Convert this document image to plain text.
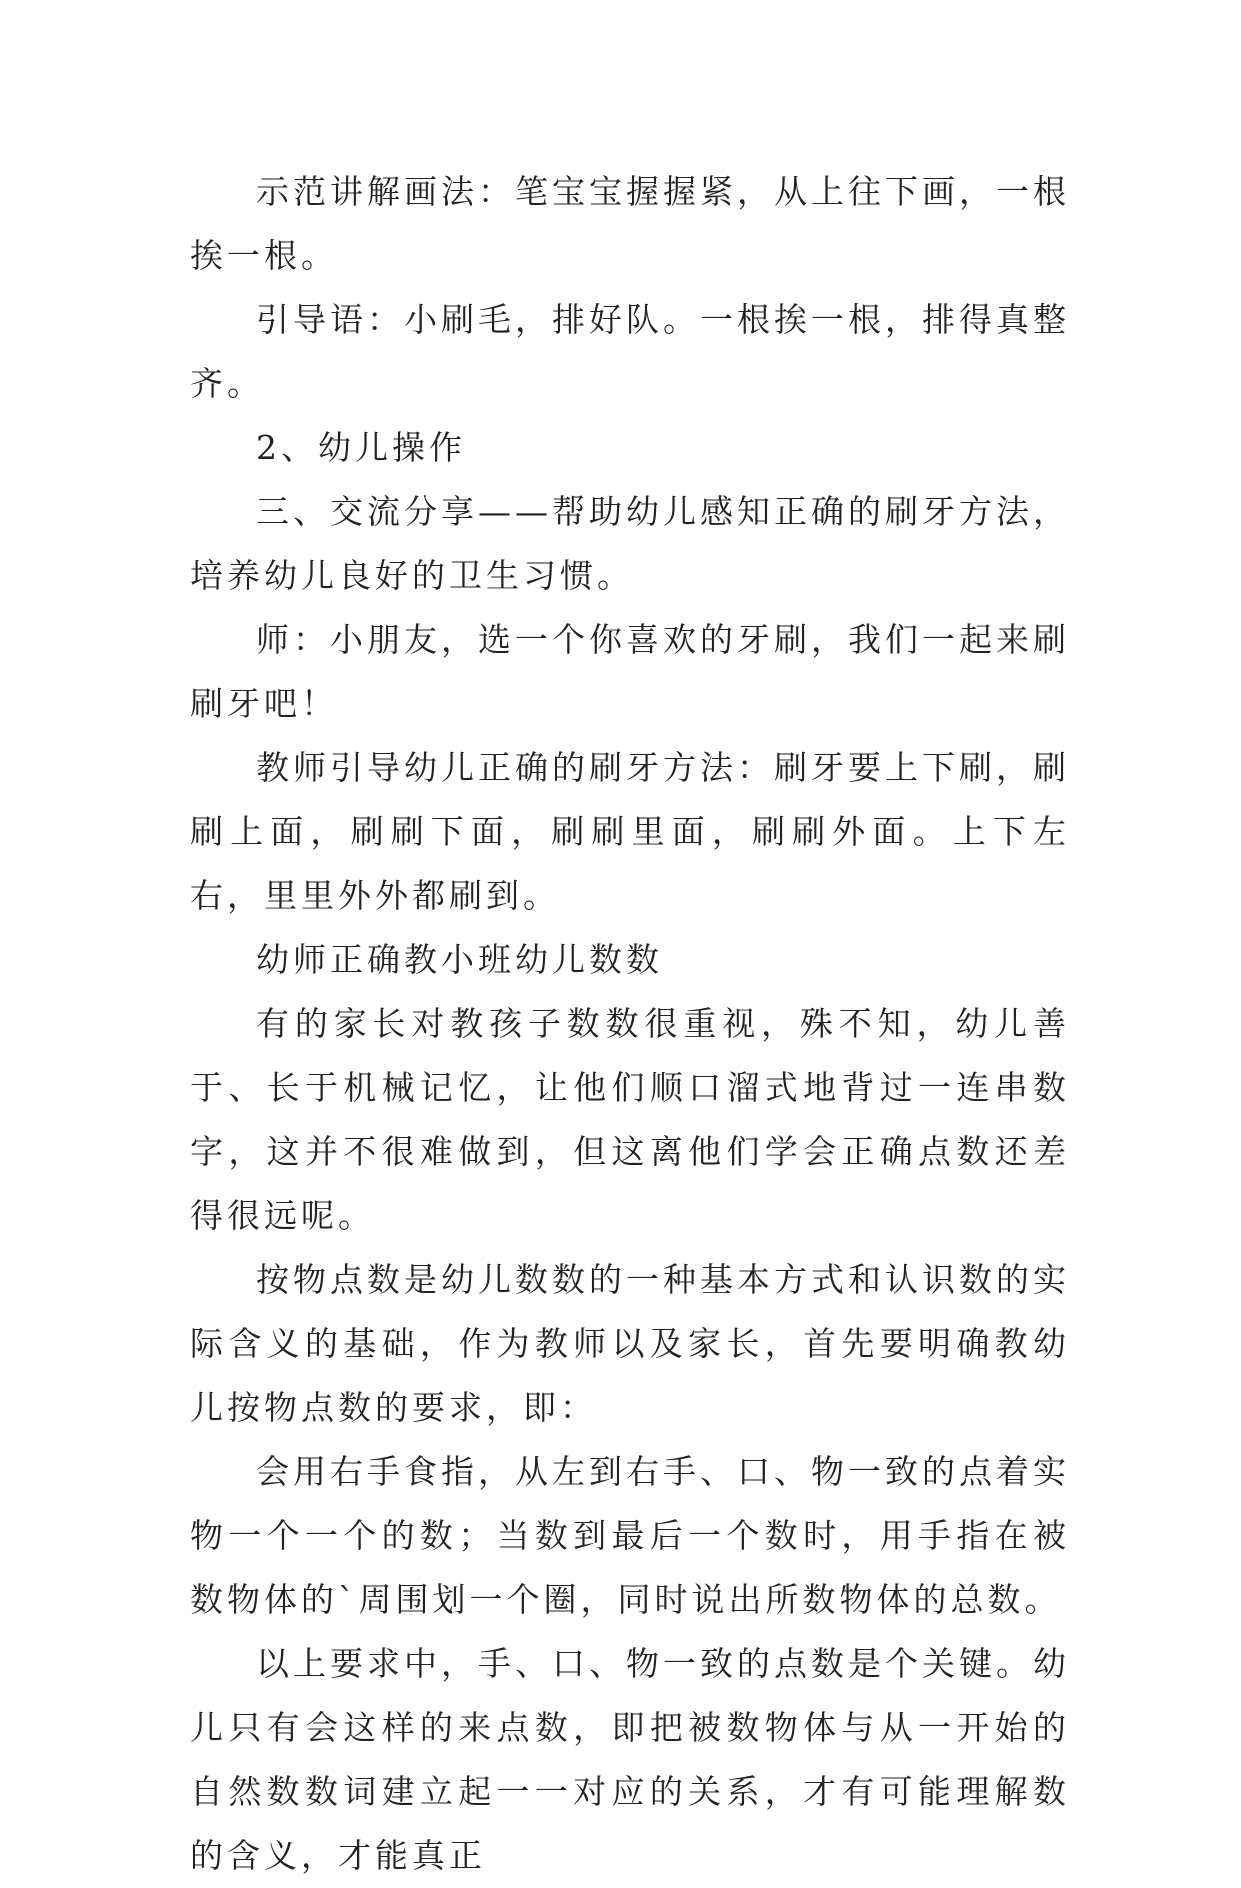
示范讲解画法：笔宝宝握握紧，从上往下画，一根挨一根。

引导语：小刷毛，排好队。一根挨一根，排得真整齐。

2、幼儿操作

三、交流分享——帮助幼儿感知正确的刷牙方法，培养幼儿良好的卫生习惯。

师：小朋友，选一个你喜欢的牙刷，我们一起来刷刷牙吧！

教师引导幼儿正确的刷牙方法：刷牙要上下刷，刷刷上面，刷刷下面，刷刷里面，刷刷外面。上下左右，里里外外都刷到。

幼师正确教小班幼儿数数

有的家长对教孩子数数很重视，殊不知，幼儿善于、长于机械记忆，让他们顺口溜式地背过一连串数字，这并不很难做到，但这离他们学会正确点数还差得很远呢。

按物点数是幼儿数数的一种基本方式和认识数的实际含义的基础，作为教师以及家长，首先要明确教幼儿按物点数的要求，即：

会用右手食指，从左到右手、口、物一致的点着实物一个一个的数；当数到最后一个数时，用手指在被数物体的`周围划一个圈，同时说出所数物体的总数。

以上要求中，手、口、物一致的点数是个关键。幼儿只有会这样的来点数，即把被数物体与从一开始的自然数数词建立起一一对应的关系，才有可能理解数的含义，才能真正
